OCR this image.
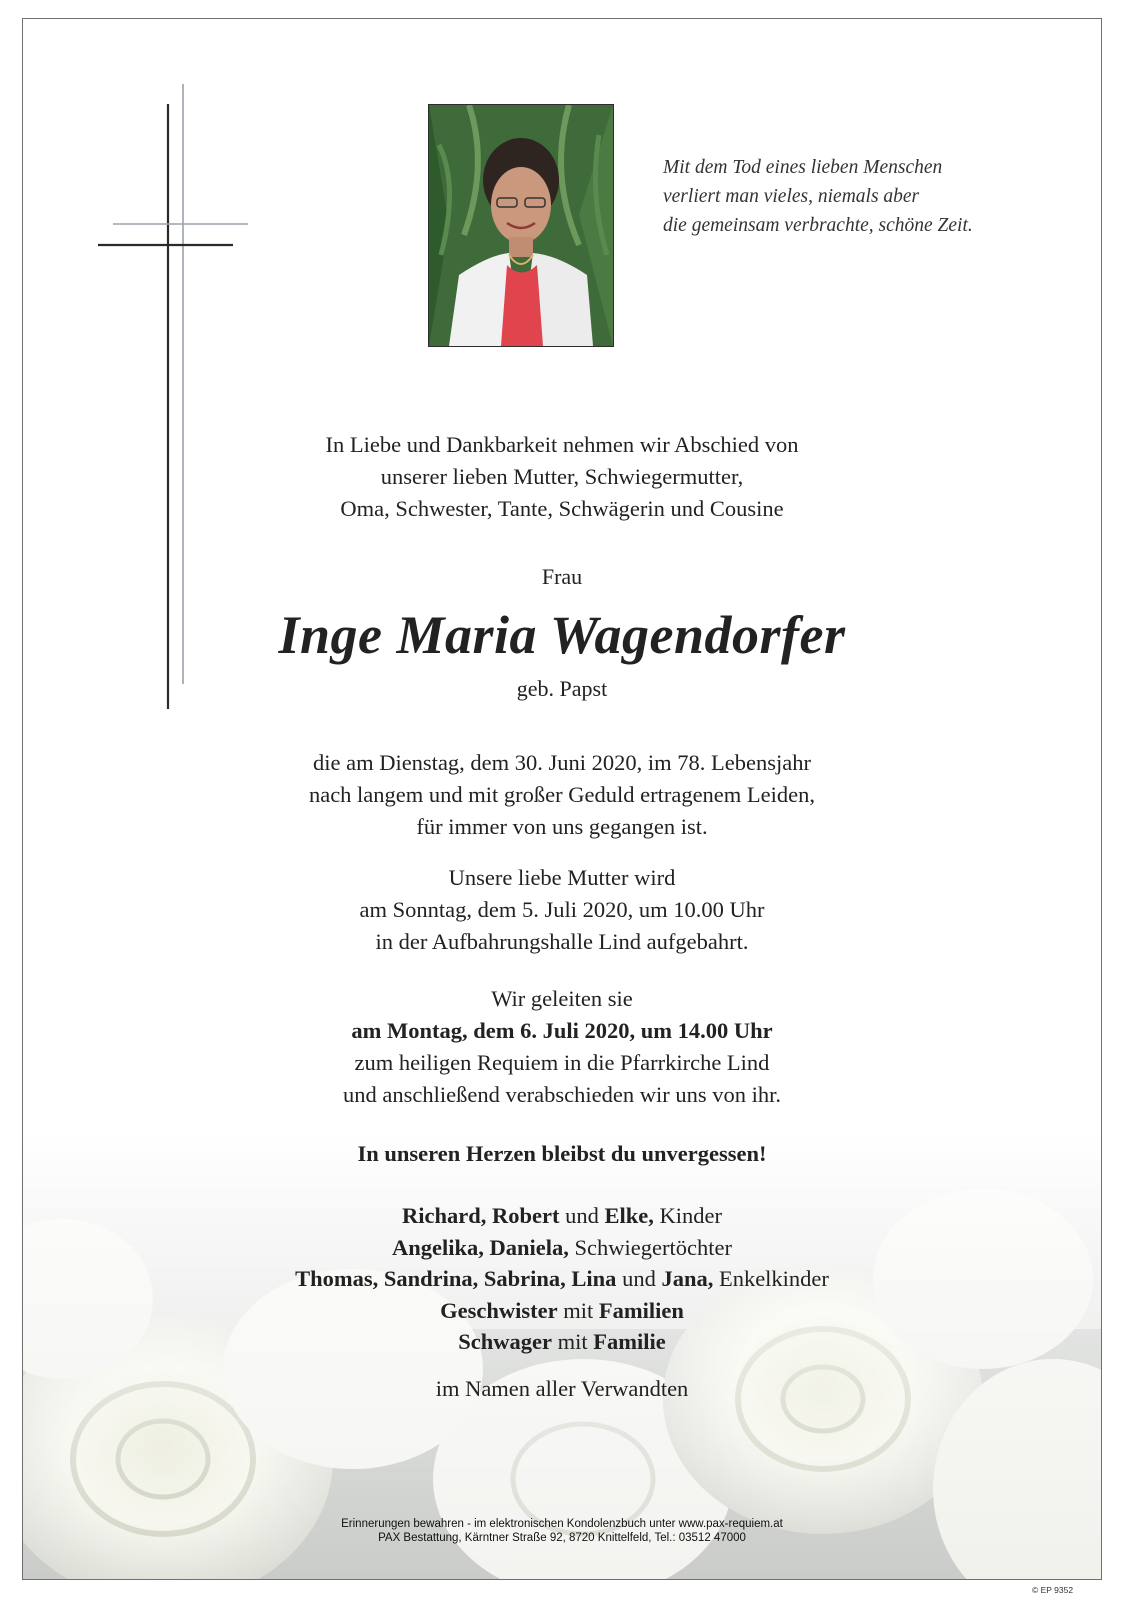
Mit dem Tod eines lieben Menschen
verliert man vieles, niemals aber
die gemeinsam verbrachte, schöne Zeit.
In Liebe und Dankbarkeit nehmen wir Abschied von
unserer lieben Mutter, Schwiegermutter,
Oma, Schwester, Tante, Schwägerin und Cousine
Frau
Inge Maria Wagendorfer
geb. Papst
die am Dienstag, dem 30. Juni 2020, im 78. Lebensjahr
nach langem und mit großer Geduld ertragenem Leiden,
für immer von uns gegangen ist.
Unsere liebe Mutter wird
am Sonntag, dem 5. Juli 2020, um 10.00 Uhr
in der Aufbahrungshalle Lind aufgebahrt.
Wir geleiten sie
am Montag, dem 6. Juli 2020, um 14.00 Uhr
zum heiligen Requiem in die Pfarrkirche Lind
und anschließend verabschieden wir uns von ihr.
In unseren Herzen bleibst du unvergessen!
Richard, Robert und Elke, Kinder
Angelika, Daniela, Schwiegertöchter
Thomas, Sandrina, Sabrina, Lina und Jana, Enkelkinder
Geschwister mit Familien
Schwager mit Familie
im Namen aller Verwandten
Erinnerungen bewahren - im elektronischen Kondolenzbuch unter www.pax-requiem.at
PAX Bestattung, Kärntner Straße 92, 8720 Knittelfeld, Tel.: 03512 47000
© EP 9352
